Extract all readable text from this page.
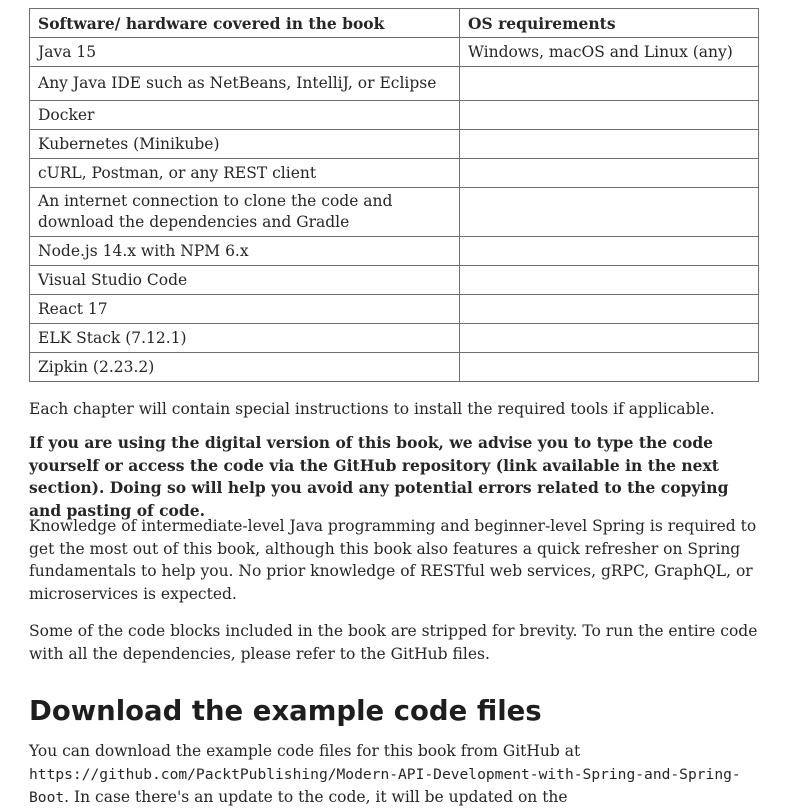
Software/ hardware covered in the book	OS requirements
Java 15	Windows, macOS and Linux (any)
Any Java IDE such as NetBeans, IntelliJ, or Eclipse	
Docker	
Kubernetes (Minikube)	
cURL, Postman, or any REST client	
An internet connection to clone the code and download the dependencies and Gradle	
Node.js 14.x with NPM 6.x	
Visual Studio Code	
React 17	
ELK Stack (7.12.1)	
Zipkin (2.23.2)	

Each chapter will contain special instructions to install the required tools if applicable.

If you are using the digital version of this book, we advise you to type the code yourself or access the code via the GitHub repository (link available in the next section). Doing so will help you avoid any potential errors related to the copying and pasting of code.

Knowledge of intermediate-level Java programming and beginner-level Spring is required to get the most out of this book, although this book also features a quick refresher on Spring fundamentals to help you. No prior knowledge of RESTful web services, gRPC, GraphQL, or microservices is expected.

Some of the code blocks included in the book are stripped for brevity. To run the entire code with all the dependencies, please refer to the GitHub files.

Download the example code files

You can download the example code files for this book from GitHub at https://github.com/PacktPublishing/Modern-API-Development-with-Spring-and-Spring-Boot. In case there's an update to the code, it will be updated on the
